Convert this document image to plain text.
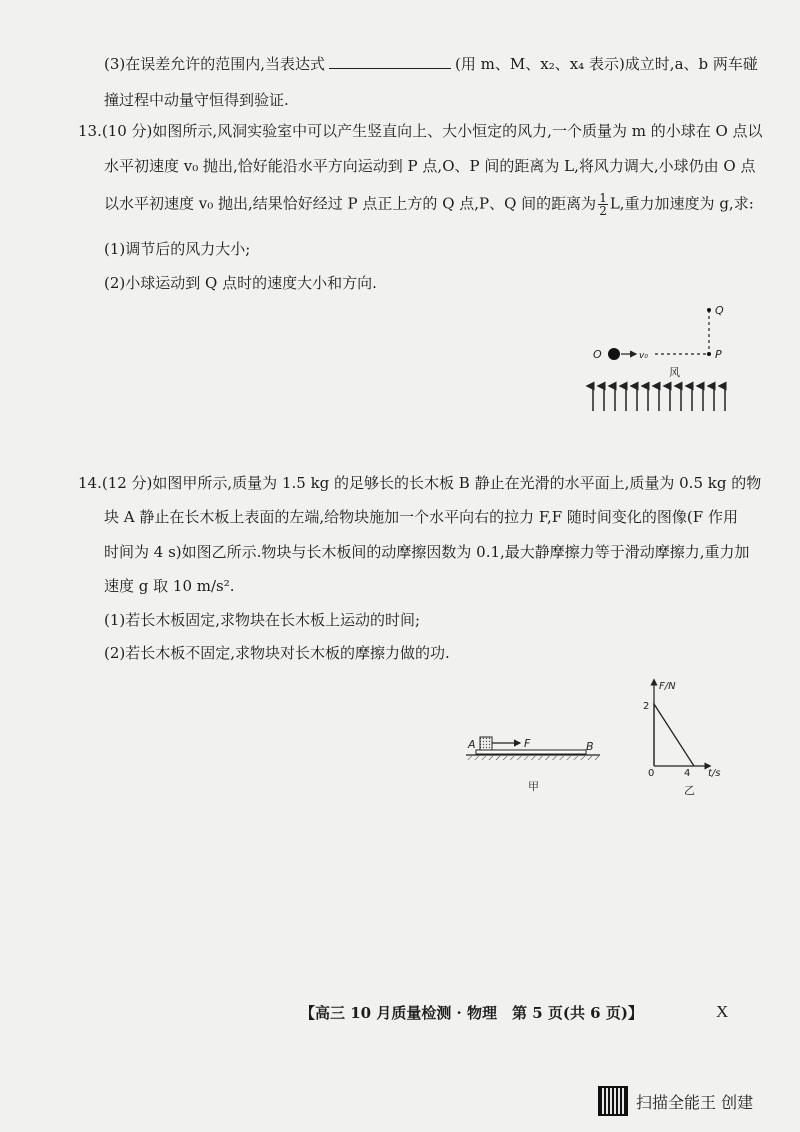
(3)在误差允许的范围内,当表达式	(用 m、M、x₂、x₄ 表示)成立时,a、b 两车碰
撞过程中动量守恒得到验证.
13.(10 分)如图所示,风洞实验室中可以产生竖直向上、大小恒定的风力,一个质量为 m 的小球在 O 点以
水平初速度 v₀ 抛出,恰好能沿水平方向运动到 P 点,O、P 间的距离为 L,将风力调大,小球仍由 O 点
以水平初速度 v₀ 抛出,结果恰好经过 P 点正上方的 Q 点,P、Q 间的距离为 $\frac{1}{2} L$,重力加速度为 g,求:
(1)调节后的风力大小;
(2)小球运动到 Q 点时的速度大小和方向.
O	v₀	P
Q
风
14.(12 分)如图甲所示,质量为 1.5 kg 的足够长的长木板 B 静止在光滑的水平面上,质量为 0.5 kg 的物
块 A 静止在长木板上表面的左端,给物块施加一个水平向右的拉力 F,F 随时间变化的图像(F 作用
时间为 4 s)如图乙所示.物块与长木板间的动摩擦因数为 0.1,最大静摩擦力等于滑动摩擦力,重力加
速度 g 取 10 m/s².
(1)若长木板固定,求物块在长木板上运动的时间;
(2)若长木板不固定,求物块对长木板的摩擦力做的功.
A	F	B
甲
F/N
t/s
2
0	4
乙
【高三 10 月质量检测 · 物理　第 5 页(共 6 页)】	X
扫描全能王 创建
